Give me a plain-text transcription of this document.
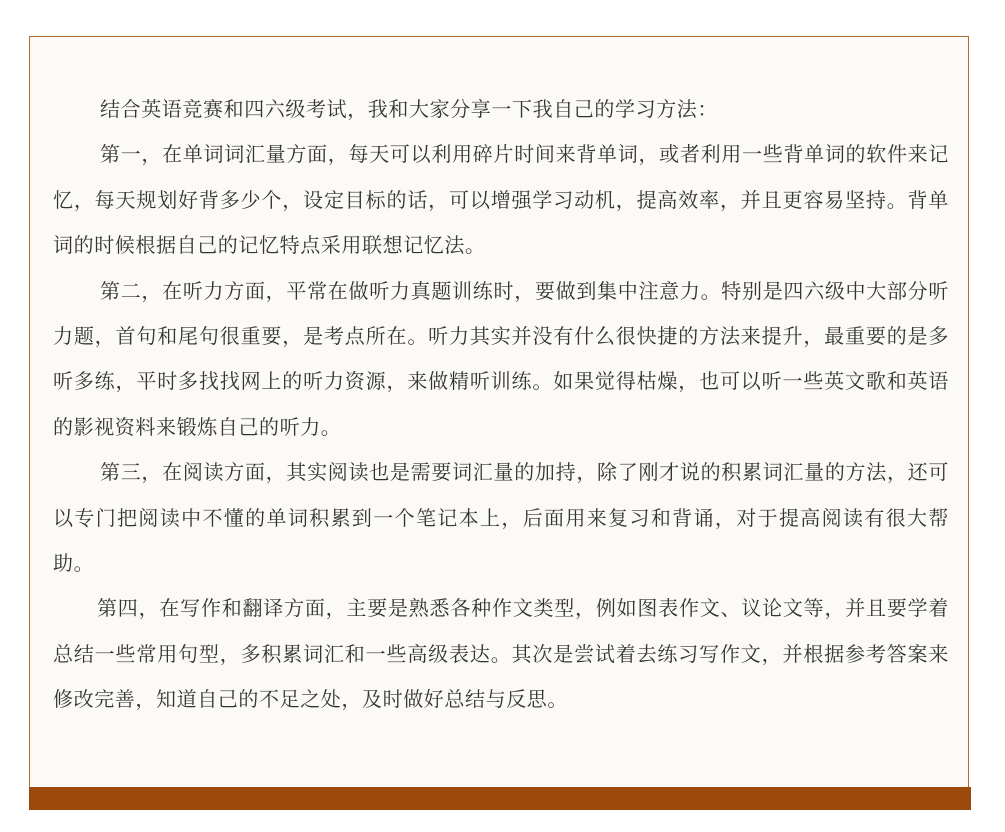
结合英语竞赛和四六级考试，我和大家分享一下我自己的学习方法：

第一，在单词词汇量方面，每天可以利用碎片时间来背单词，或者利用一些背单词的软件来记忆，每天规划好背多少个，设定目标的话，可以增强学习动机，提高效率，并且更容易坚持。背单词的时候根据自己的记忆特点采用联想记忆法。

第二，在听力方面，平常在做听力真题训练时，要做到集中注意力。特别是四六级中大部分听力题，首句和尾句很重要，是考点所在。听力其实并没有什么很快捷的方法来提升，最重要的是多听多练，平时多找找网上的听力资源，来做精听训练。如果觉得枯燥，也可以听一些英文歌和英语的影视资料来锻炼自己的听力。

第三，在阅读方面，其实阅读也是需要词汇量的加持，除了刚才说的积累词汇量的方法，还可以专门把阅读中不懂的单词积累到一个笔记本上，后面用来复习和背诵，对于提高阅读有很大帮助。

第四，在写作和翻译方面，主要是熟悉各种作文类型，例如图表作文、议论文等，并且要学着总结一些常用句型，多积累词汇和一些高级表达。其次是尝试着去练习写作文，并根据参考答案来修改完善，知道自己的不足之处，及时做好总结与反思。
